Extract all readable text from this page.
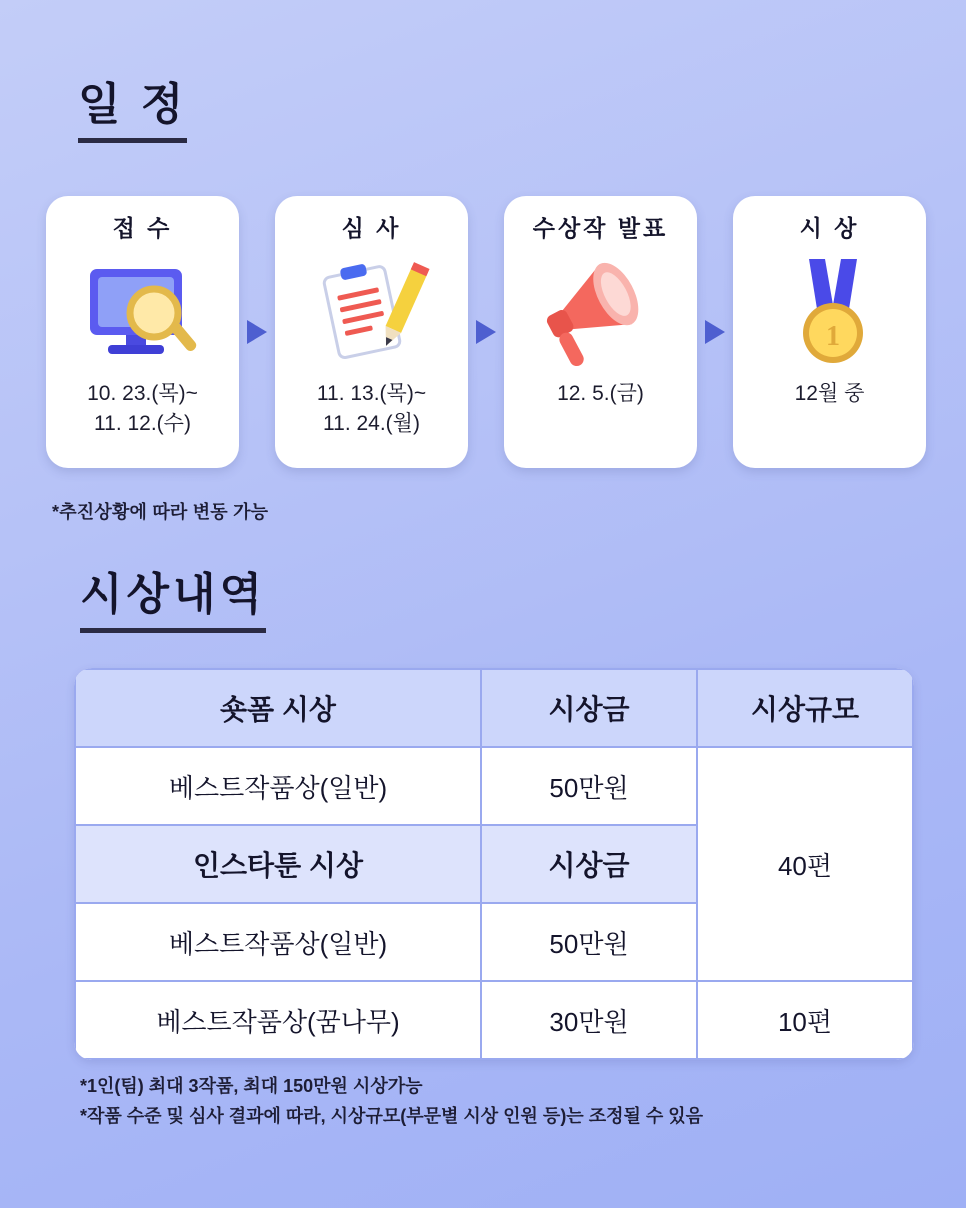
일 정
접 수
10. 23.(목)~
11. 12.(수)
심 사
11. 13.(목)~
11. 24.(월)
수상작 발표
12. 5.(금)
시 상
1
12월 중
*추진상황에 따라 변동 가능
시상내역
숏폼 시상	시상금	시상규모
베스트작품상(일반)	50만원	40편
인스타툰 시상	시상금	
베스트작품상(일반)	50만원	
베스트작품상(꿈나무)	30만원	10편
*1인(팀) 최대 3작품, 최대 150만원 시상가능
*작품 수준 및 심사 결과에 따라, 시상규모(부문별 시상 인원 등)는 조정될 수 있음
